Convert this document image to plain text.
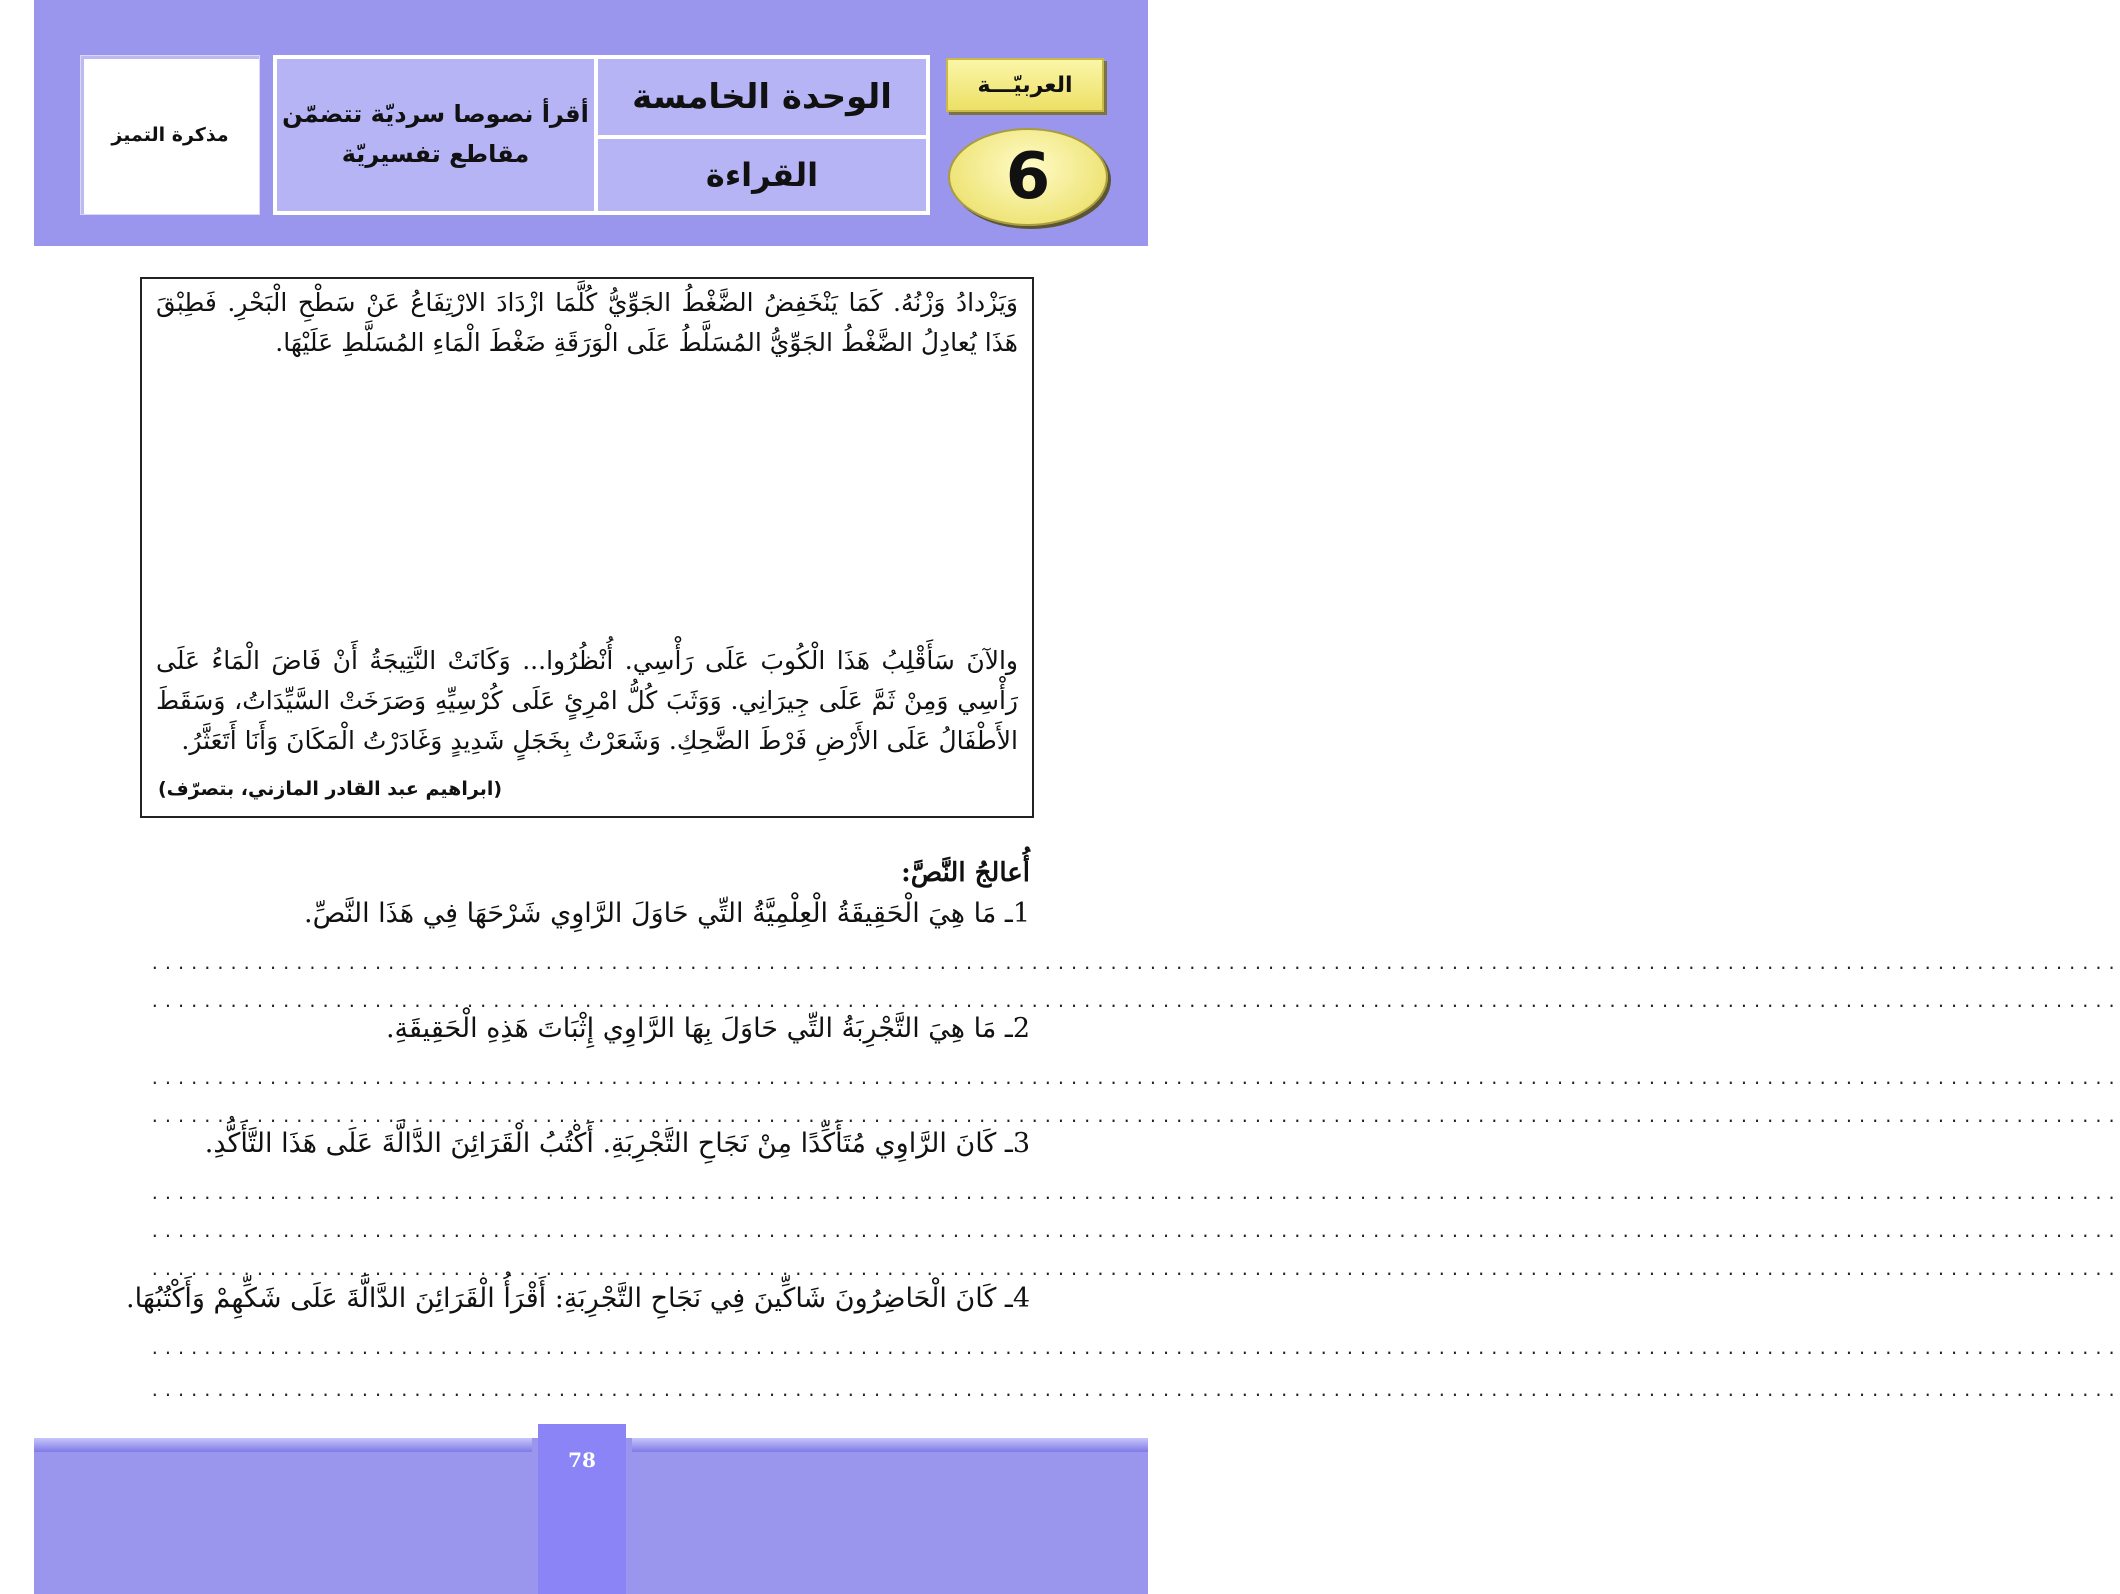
مذكرة التميز
أقرأ نصوصا سرديّة تتضمّن مقاطع تفسيريّة
الوحدة الخامسة
القراءة
العربيّـــة
6
وَيَزْدادُ وَزْنُهُ. كَمَا يَنْخَفِضُ الضَّغْطُ الجَوِّيُّ كُلَّمَا ازْدَادَ الارْتِفَاعُ عَنْ سَطْحِ الْبَحْرِ. فَطِبْقَ هَذَا يُعادِلُ الضَّغْطُ الجَوِّيُّ المُسَلَّطُ عَلَى الْوَرَقَةِ ضَغْطَ الْمَاءِ المُسَلَّطِ عَلَيْهَا.
والآنَ سَأَقْلِبُ هَذَا الْكُوبَ عَلَى رَأْسِي. أُنْظُرُوا... وَكَانَتْ النَّتِيجَةُ أَنْ فَاضَ الْمَاءُ عَلَى رَأْسِي وَمِنْ ثَمَّ عَلَى جِيرَانِي. وَوَثَبَ كُلُّ امْرِئٍ عَلَى كُرْسِيِّهِ وَصَرَخَتْ السَّيِّدَاتُ، وَسَقَطَ الأَطْفَالُ عَلَى الأَرْضِ فَرْطَ الضَّحِكِ. وَشَعَرْتُ بِخَجَلٍ شَدِيدٍ وَغَادَرْتُ الْمَكَانَ وَأَنَا أَتَعَثَّرُ.
(ابراهيم عبد القادر المازني، بتصرّف)
أُعالجُ النَّصَّ:
1ـ مَا هِيَ الْحَقِيقَةُ الْعِلْمِيَّةُ التِّي حَاوَلَ الرَّاوِي شَرْحَهَا فِي هَذَا النَّصِّ.
......................................................................................................................................................
......................................................................................................................................................
2ـ مَا هِيَ التَّجْرِبَةُ التِّي حَاوَلَ بِهَا الرَّاوِي إِثْبَاتَ هَذِهِ الْحَقِيقَةِ.
......................................................................................................................................................
......................................................................................................................................................
3ـ كَانَ الرَّاوِي مُتَأَكِّدًا مِنْ نَجَاحِ التَّجْرِبَةِ. أَكْتُبُ الْقَرَائِنَ الدَّالَّةَ عَلَى هَذَا التَّأَكُّدِ.
......................................................................................................................................................
......................................................................................................................................................
......................................................................................................................................................
4ـ كَانَ الْحَاضِرُونَ شَاكِّينَ فِي نَجَاحِ التَّجْرِبَةِ: أَقْرَأُ الْقَرَائِنَ الدَّالَّةَ عَلَى شَكِّهِمْ وَأَكْتُبُهَا.
......................................................................................................................................................
......................................................................................................................................................
78
